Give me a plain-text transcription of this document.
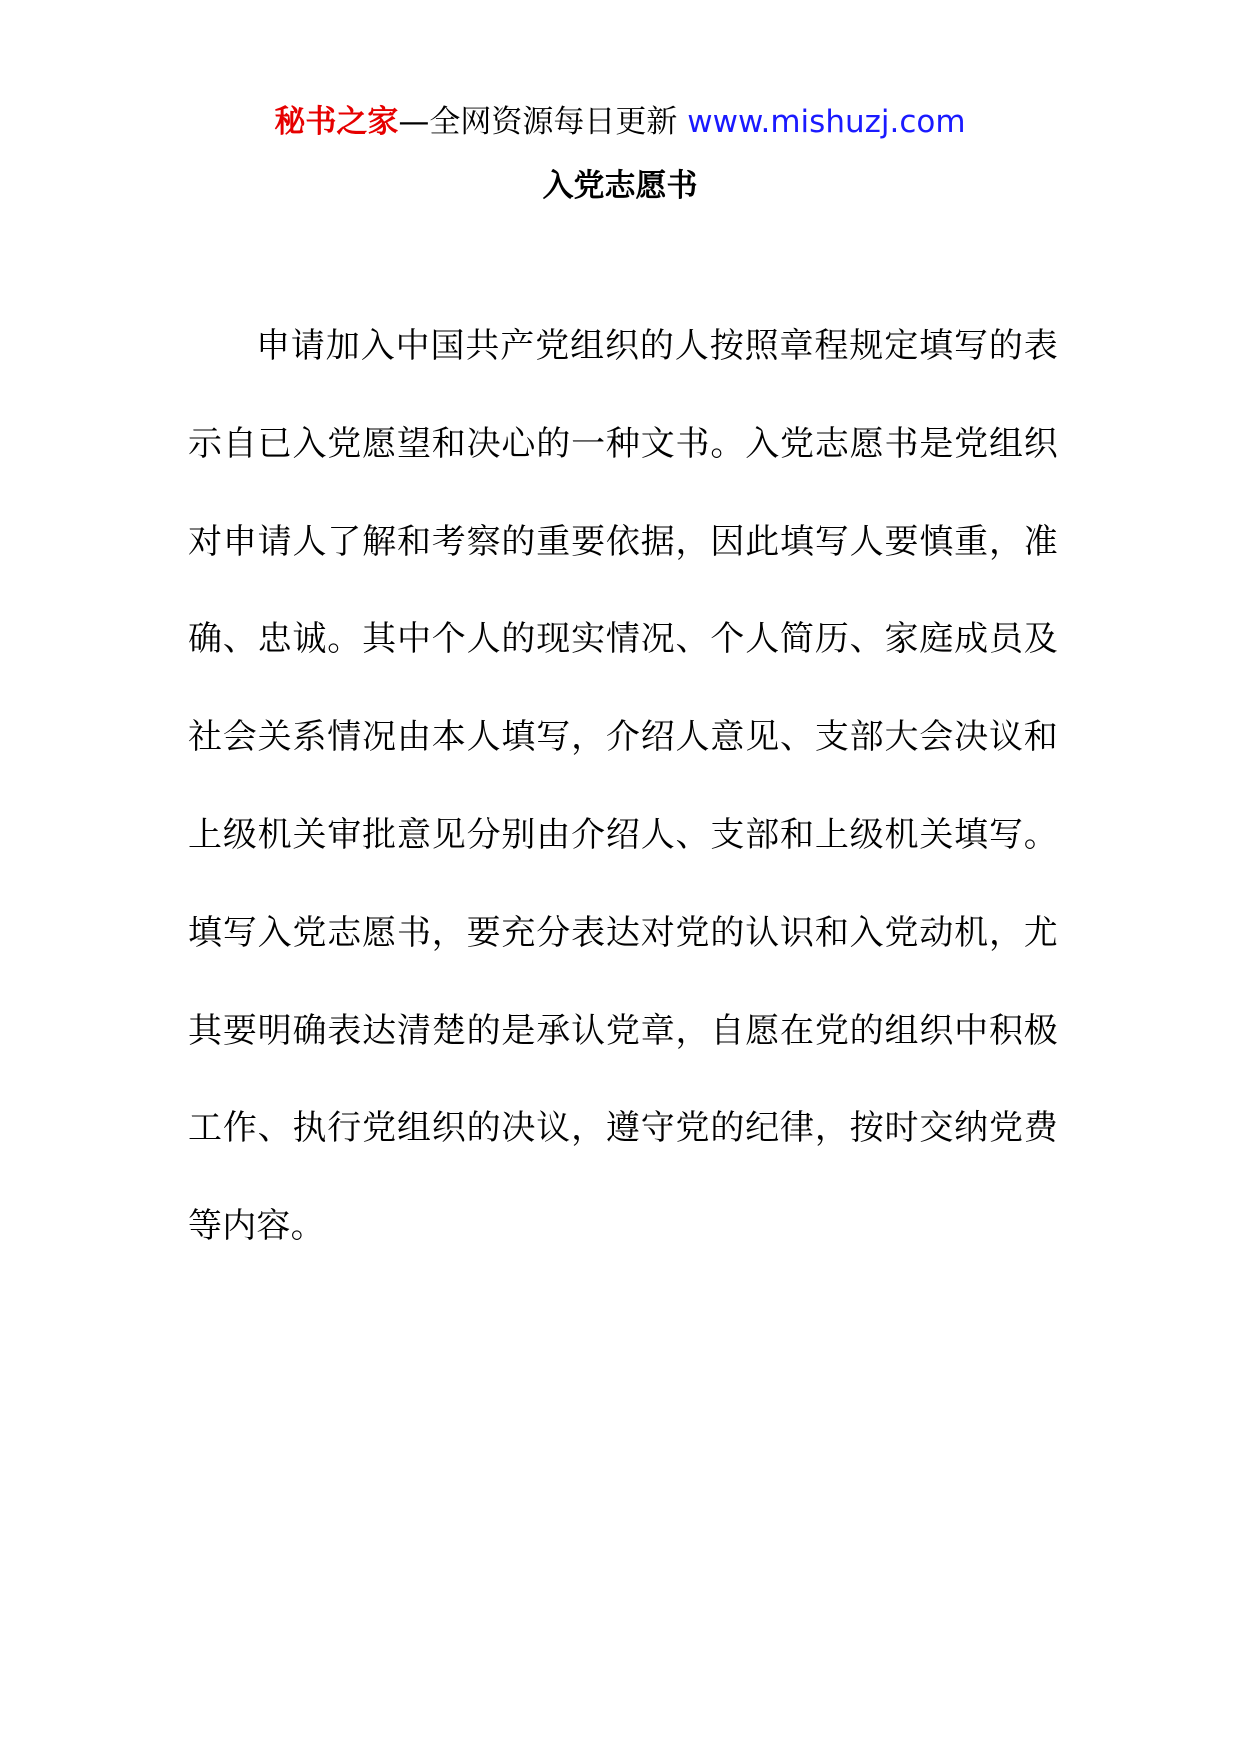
秘书之家—全网资源每日更新 www.mishuzj.com
入党志愿书
申请加入中国共产党组织的人按照章程规定填写的表
示自已入党愿望和决心的一种文书。入党志愿书是党组织
对申请人了解和考察的重要依据，因此填写人要慎重，准
确、忠诚。其中个人的现实情况、个人简历、家庭成员及
社会关系情况由本人填写，介绍人意见、支部大会决议和
上级机关审批意见分别由介绍人、支部和上级机关填写。
填写入党志愿书，要充分表达对党的认识和入党动机，尤
其要明确表达清楚的是承认党章，自愿在党的组织中积极
工作、执行党组织的决议，遵守党的纪律，按时交纳党费
等内容。
